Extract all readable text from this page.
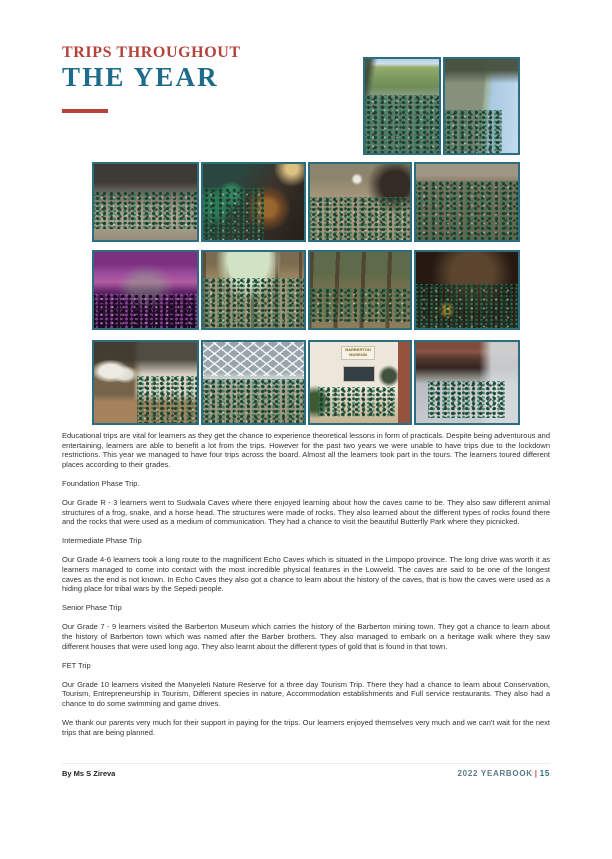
TRIPS THROUGHOUT
THE YEAR
BARBERTON
MUSEUM

Educational trips are vital for learners as they get the chance to experience theoretical lessons in form of practicals. Despite being adventurous and entertaining, learners are able to benefit a lot from the trips. However for the past two years we were unable to have trips due to the lockdown restrictions. This year we managed to have four trips across the board. Almost all the learners took part in the tours. The learners toured different places according to their grades.

Foundation Phase Trip.

Our Grade R - 3 learners went to Sudwala Caves where there enjoyed learning about how the caves came to be. They also saw different animal structures of a frog, snake, and a horse head. The structures were made of rocks. They also learned about the different types of rocks found there and the rocks that were used as a medium of communication. They had a chance to visit the beautiful Butterfly Park where they picnicked.

Intermediate Phase Trip

Our Grade 4-6 learners took a long route to the magnificent Echo Caves which is situated in the Limpopo province. The long drive was worth it as learners managed to come into contact with the most incredible physical features in the Lowveld. The caves are said to be one of the longest caves as the end is not known. In Echo Caves they also got a chance to learn about the history of the caves, that is how the caves were used as a hiding place for tribal wars by the Sepedi people.

Senior Phase Trip

Our Grade 7 - 9 learners visited the Barberton Museum which carries the history of the Barberton mining town. They got a chance to learn about the history of Barberton town which was named after the Barber brothers. They also managed to embark on a heritage walk where they saw different houses that were used long ago. They also learnt about the different types of gold that is found in that town.

FET Trip

Our Grade 10 learners visited the Manyeleti Nature Reserve for a three day Tourism Trip. There they had a chance to learn about Conservation, Tourism, Entrepreneurship in Tourism, Different species in nature, Accommodation establishments and Full service restaurants. They also had a chance to do some swimming and game drives.

We thank our parents very much for their support in paying for the trips. Our learners enjoyed themselves very much and we can't wait for the next trips that are being planned.

By Ms S Zireva	2022 YEARBOOK | 15
